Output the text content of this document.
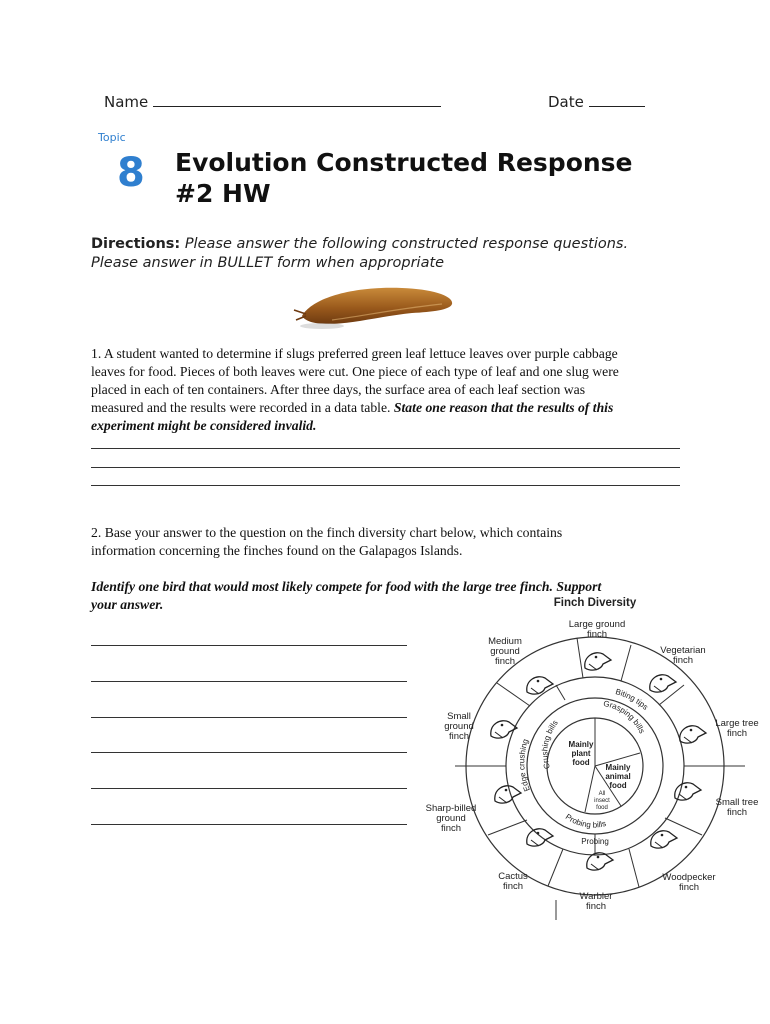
Name	Date
Topic
8 Evolution Constructed Response
#2 HW
Directions: Please answer the following constructed response questions.
Please answer in BULLET form when appropriate
1. A student wanted to determine if slugs preferred green leaf lettuce leaves over purple cabbage
leaves for food. Pieces of both leaves were cut. One piece of each type of leaf and one slug were
placed in each of ten containers. After three days, the surface area of each leaf section was
measured and the results were recorded in a data table. State one reason that the results of this
experiment might be considered invalid.
2. Base your answer to the question on the finch diversity chart below, which contains
information concerning the finches found on the Galapagos Islands.
Identify one bird that would most likely compete for food with the large tree finch. Support
your answer.	Finch Diversity
Large ground
finch
Medium
ground
finch
Vegetarian
finch
Small
ground
finch
Large tree
finch
Sharp-billed
ground
finch
Small tree
finch
Cactus
finch
Woodpecker
finch
Warbler
finch
Edge crushing
Crushing bills
Grasping bills
Biting tips
Probing bills
Probing
Mainly
plant
food
Mainly
animal
food
All
insect
food
